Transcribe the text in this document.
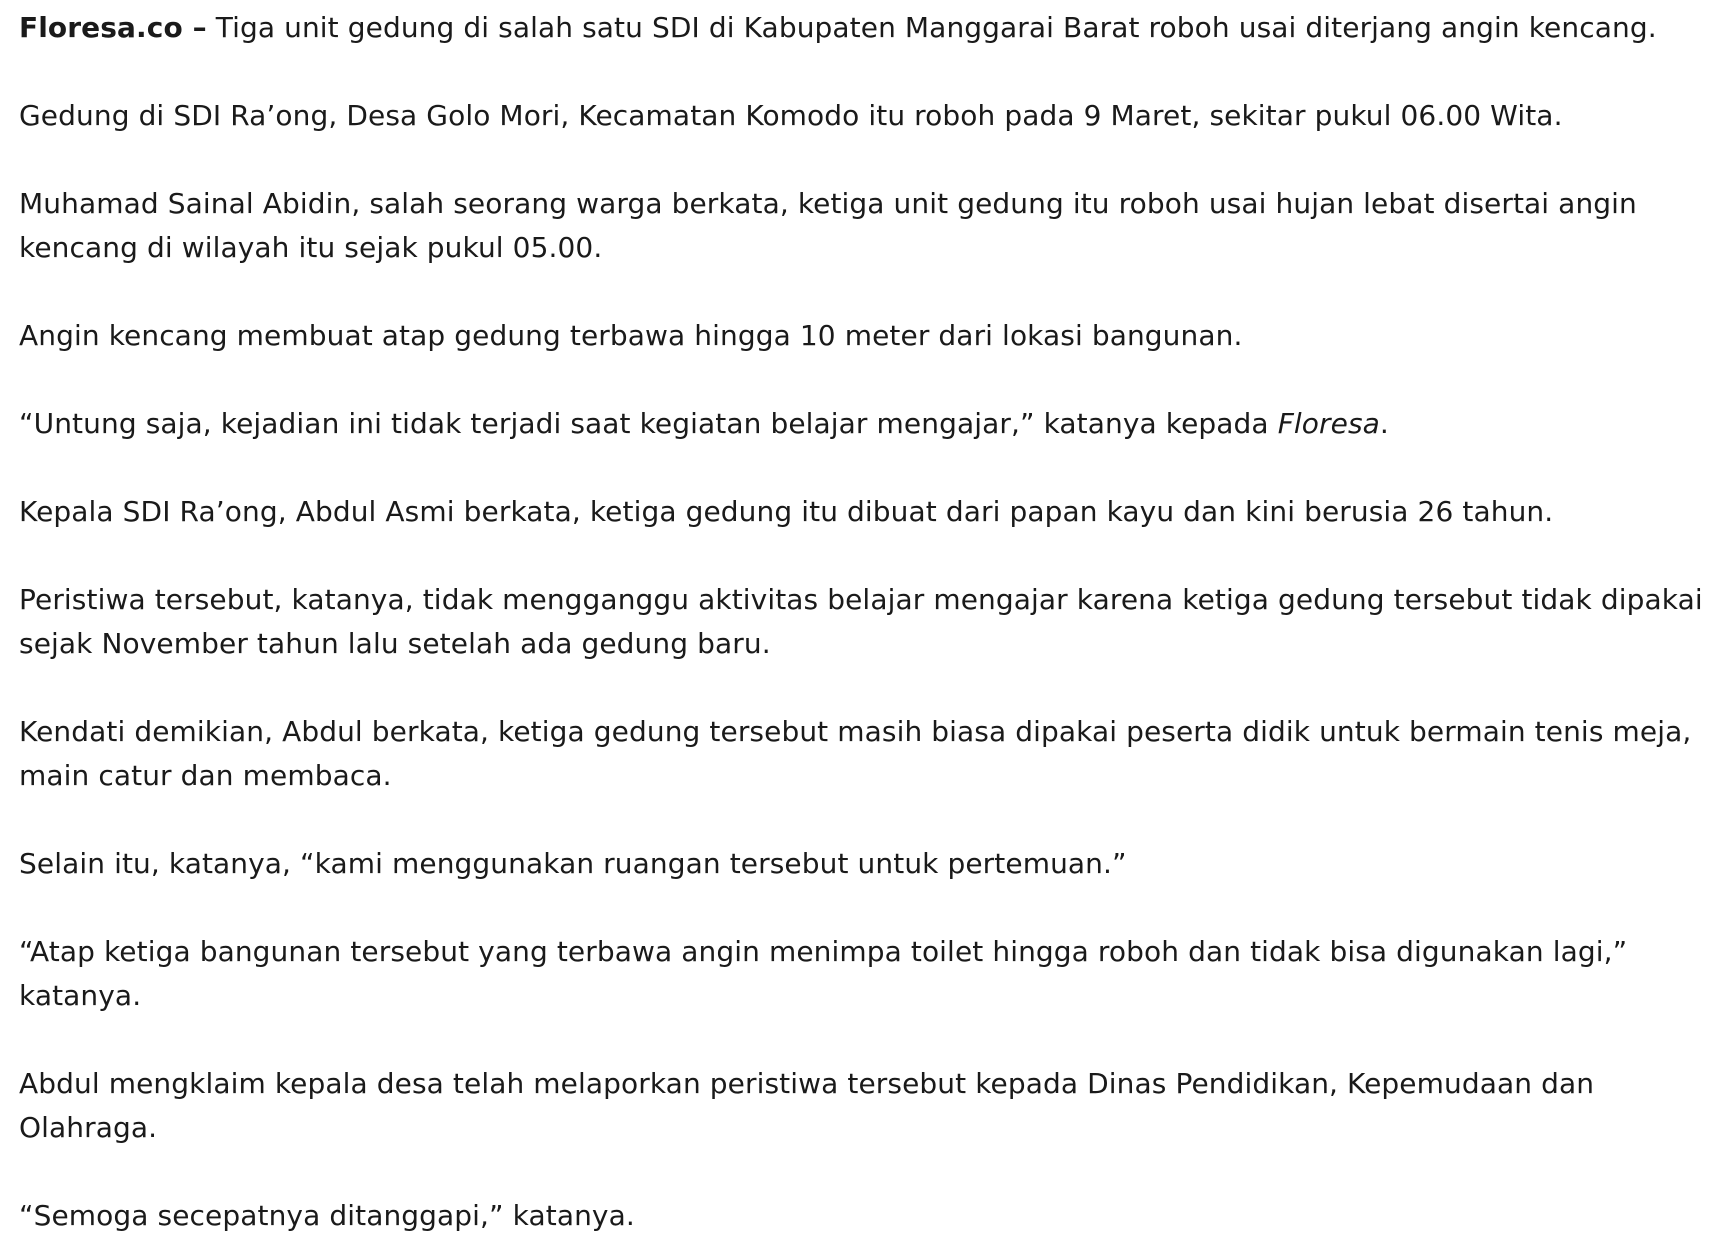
Floresa.co – Tiga unit gedung di salah satu SDI di Kabupaten Manggarai Barat roboh usai diterjang angin kencang.

Gedung di SDI Ra’ong, Desa Golo Mori, Kecamatan Komodo itu roboh pada 9 Maret, sekitar pukul 06.00 Wita.

Muhamad Sainal Abidin, salah seorang warga berkata, ketiga unit gedung itu roboh usai hujan lebat disertai angin kencang di wilayah itu sejak pukul 05.00.

Angin kencang membuat atap gedung terbawa hingga 10 meter dari lokasi bangunan.

“Untung saja, kejadian ini tidak terjadi saat kegiatan belajar mengajar,” katanya kepada Floresa.

Kepala SDI Ra’ong, Abdul Asmi berkata, ketiga gedung itu dibuat dari papan kayu dan kini berusia 26 tahun.

Peristiwa tersebut, katanya, tidak mengganggu aktivitas belajar mengajar karena ketiga gedung tersebut tidak dipakai sejak November tahun lalu setelah ada gedung baru.

Kendati demikian, Abdul berkata, ketiga gedung tersebut masih biasa dipakai peserta didik untuk bermain tenis meja, main catur dan membaca.

Selain itu, katanya, “kami menggunakan ruangan tersebut untuk pertemuan.”

“Atap ketiga bangunan tersebut yang terbawa angin menimpa toilet hingga roboh dan tidak bisa digunakan lagi,” katanya.

Abdul mengklaim kepala desa telah melaporkan peristiwa tersebut kepada Dinas Pendidikan, Kepemudaan dan Olahraga.

“Semoga secepatnya ditanggapi,” katanya.
